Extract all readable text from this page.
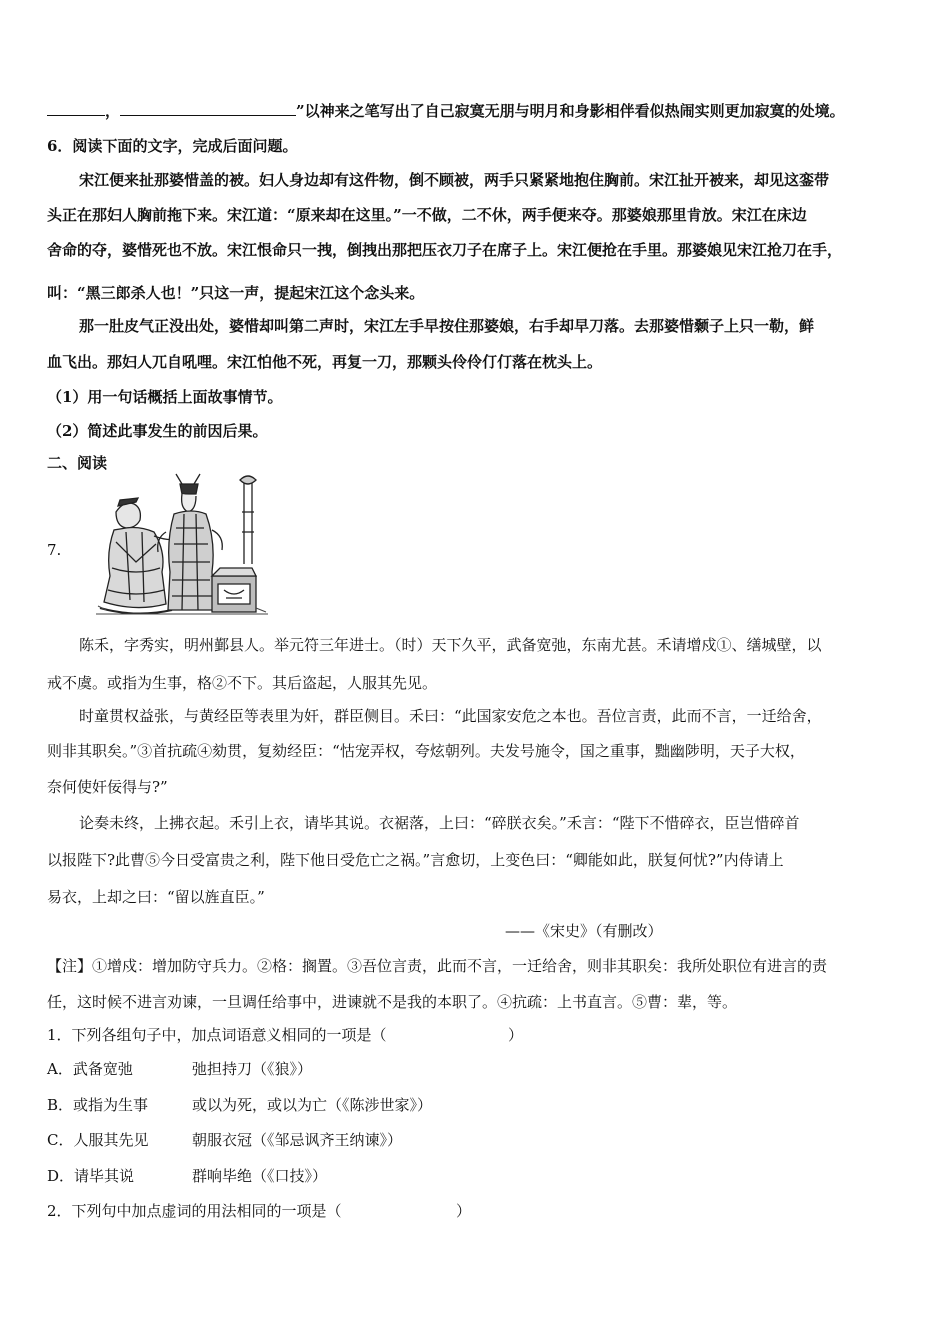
，	”以神来之笔写出了自己寂寞无朋与明月和身影相伴看似热闹实则更加寂寞的处境。
6．阅读下面的文字，完成后面问题。
宋江便来扯那婆惜盖的被。妇人身边却有这件物，倒不顾被，两手只紧紧地抱住胸前。宋江扯开被来，却见这銮带
头正在那妇人胸前拖下来。宋江道：“原来却在这里。”一不做，二不休，两手便来夺。那婆娘那里肯放。宋江在床边
舍命的夺，婆惜死也不放。宋江恨命只一拽，倒拽出那把压衣刀子在席子上。宋江便抢在手里。那婆娘见宋江抢刀在手，
叫：“黑三郎杀人也！”只这一声，提起宋江这个念头来。
那一肚皮气正没出处，婆惜却叫第二声时，宋江左手早按住那婆娘，右手却早刀落。去那婆惜颡子上只一勒，鲜
血飞出。那妇人兀自吼哩。宋江怕他不死，再复一刀，那颗头伶伶仃仃落在枕头上。
（1）用一句话概括上面故事情节。
（2）简述此事发生的前因后果。
二、阅读
7.
陈禾，字秀实，明州鄞县人。举元符三年进士。（时）天下久平，武备宽弛，东南尤甚。禾请增戍①、缮城壁，以
戒不虞。或指为生事，格②不下。其后盗起，人服其先见。
时童贯权益张，与黄经臣等表里为奸，群臣侧目。禾曰：“此国家安危之本也。吾位言责，此而不言，一迁给舍，
则非其职矣。”③首抗疏④劾贯，复劾经臣：“怙宠弄权，夸炫朝列。夫发号施令，国之重事，黜幽陟明，天子大权，
奈何使奸佞得与?”
论奏未终，上拂衣起。禾引上衣，请毕其说。衣裾落，上曰：“碎朕衣矣。”禾言：“陛下不惜碎衣，臣岂惜碎首
以报陛下?此曹⑤今日受富贵之利，陛下他日受危亡之祸。”言愈切，上变色曰：“卿能如此，朕复何忧?”内侍请上
易衣，上却之曰：“留以旌直臣。”
——《宋史》（有删改）
【注】①增戍：增加防守兵力。②格：搁置。③吾位言责，此而不言，一迁给舍，则非其职矣：我所处职位有进言的责
任，这时候不进言劝谏，一旦调任给事中，进谏就不是我的本职了。④抗疏：上书直言。⑤曹：辈，等。
1．下列各组句子中，加点词语意义相同的一项是（	）
A．武备宽弛	弛担持刀（《狼》）
B．或指为生事	或以为死，或以为亡（《陈涉世家》）
C．人服其先见	朝服衣冠（《邹忌讽齐王纳谏》）
D．请毕其说	群响毕绝（《口技》）
2．下列句中加点虚词的用法相同的一项是（	）
